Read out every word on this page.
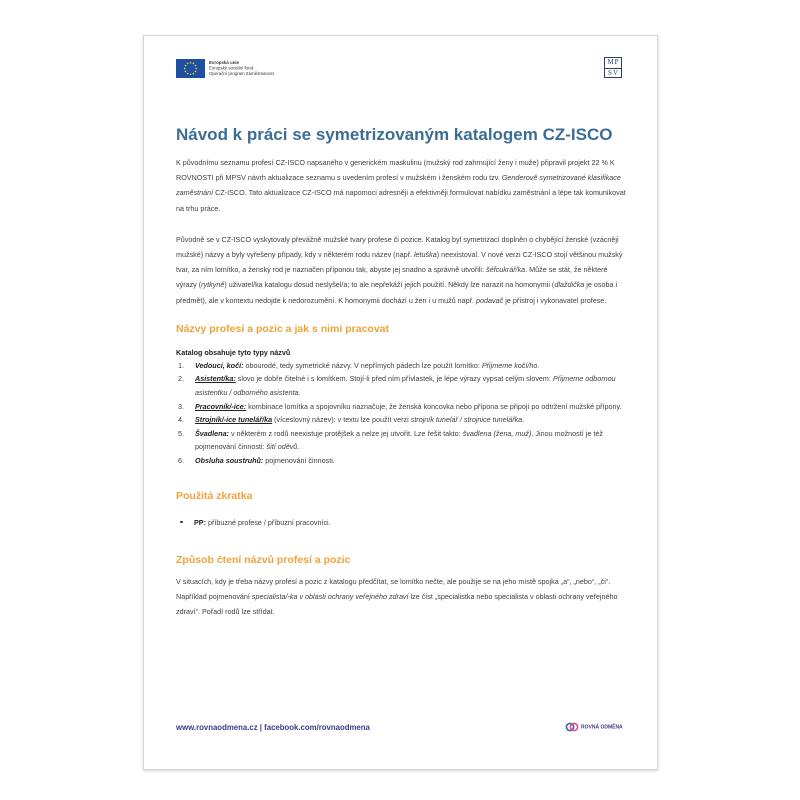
Evropská unie
Evropský sociální fond
Operační program Zaměstnanost
MP
SV
Návod k práci se symetrizovaným katalogem CZ-ISCO

K původnímu seznamu profesí CZ-ISCO napsaného v generickém maskulinu (mužský rod zahrnující ženy i muže) připravil projekt 22 % K ROVNOSTI při MPSV návrh aktualizace seznamu s uvedením profesí v mužském i ženském rodu tzv. Genderově symetrizované klasifikace zaměstnání CZ-ISCO. Tato aktualizace CZ-ISCO má napomoci adresněji a efektivněji formulovat nabídku zaměstnání a lépe tak komunikovat na trhu práce.

Původně se v CZ-ISCO vyskytovaly převážně mužské tvary profese či pozice. Katalog byl symetrizací doplněn o chybějící ženské (vzácněji mužské) názvy a byly vyřešeny případy, kdy v některém rodu název (např. letuška) neexistoval. V nové verzi CZ-ISCO stojí většinou mužský tvar, za ním lomítko, a ženský rod je naznačen příponou tak, abyste jej snadno a správně utvořili: šéfcukrář/ka. Může se stát, že některé výrazy (rytkyně) uživatel/ka katalogu dosud neslyšel/a; to ale nepřekáží jejich použití. Někdy lze narazit na homonymii (dlaždička je osoba i předmět), ale v kontextu nedojde k nedorozumění. K homonymii dochází u žen i u mužů např. podavač je přístroj i vykonavatel profese.

Názvy profesí a pozic a jak s nimi pracovat

Katalog obsahuje tyto typy názvů

1.	Vedoucí, kočí: obourodé, tedy symetrické názvy. V nepřímých pádech lze použít lomítko: Přijmeme kočí/ho.
2.	Asistent/ka: slovo je dobře čitelné i s lomítkem. Stojí-li před ním přívlastek, je lépe výrazy vypsat celým slovem: Přijmeme odbornou asistentku / odborného asistenta.
3.	Pracovník/-ice: kombinace lomítka a spojovníku naznačuje, že ženská koncovka nebo přípona se připojí po odtržení mužské přípony.
4.	Strojník/-ice tunelář/ka (víceslovný název): v textu lze použít verzi strojník tunelář / strojnice tunelářka.
5.	Švadlena: v některém z rodů neexistuje protějšek a nelze jej utvořit. Lze řešit takto: švadlena (žena, muž). Jinou možností je též pojmenování činnosti: šití oděvů.
6.	Obsluha soustruhů: pojmenování činnosti.
Použitá zkratka
PP: příbuzné profese / příbuzní pracovníci.
Způsob čtení názvů profesí a pozic

V situacích, kdy je třeba názvy profesí a pozic z katalogu předčítat, se lomítko nečte, ale použije se na jeho místě spojka „a“, „nebo“, „či“. Například pojmenování specialista/-ka v oblasti ochrany veřejného zdraví lze číst „specialistka nebo specialista v oblasti ochrany veřejného zdraví“. Pořadí rodů lze střídat.

www.rovnaodmena.cz | facebook.com/rovnaodmena	ROVNÁ ODMĚNA
